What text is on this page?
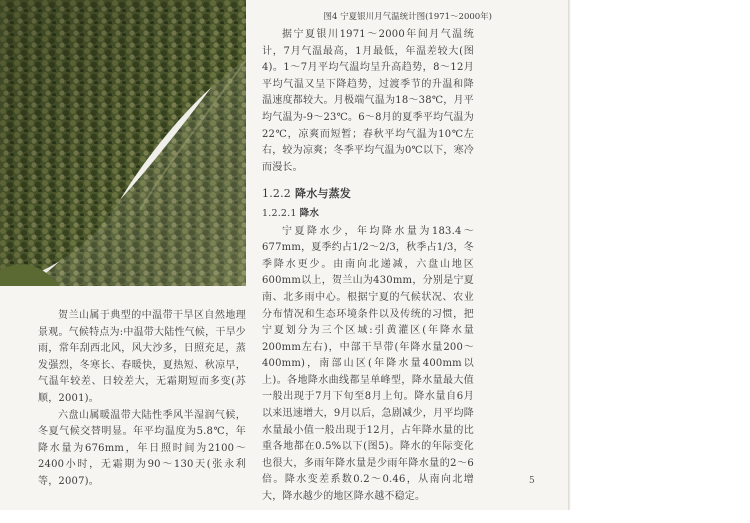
图4 宁夏银川月气温统计图(1971～2000年)

贺兰山属于典型的中温带干旱区自然地理景观。气候特点为:中温带大陆性气候，干旱少雨，常年刮西北风，风大沙多，日照充足，蒸发强烈，冬寒长、春暖快，夏热短、秋凉早，气温年较差、日较差大，无霜期短而多变(苏顺，2001)。

六盘山属暖温带大陆性季风半湿润气候，冬夏气候交替明显。年平均温度为5.8℃，年降水量为676mm，年日照时间为2100～2400小时，无霜期为90～130天(张永利 等，2007)。

据宁夏银川1971～2000年间月气温统计，7月气温最高，1月最低，年温差较大(图4)。1～7月平均气温均呈升高趋势，8～12月平均气温又呈下降趋势，过渡季节的升温和降温速度都较大。月极端气温为18～38℃，月平均气温为-9～23℃。6～8月的夏季平均气温为22℃，凉爽而短暂；春秋平均气温为10℃左右，较为凉爽；冬季平均气温为0℃以下，寒冷而漫长。

1.2.2 降水与蒸发
1.2.2.1 降水

宁夏降水少，年均降水量为183.4～677mm，夏季约占1/2～2/3，秋季占1/3，冬季降水更少。由南向北递减，六盘山地区600mm以上，贺兰山为430mm，分别是宁夏南、北多雨中心。根据宁夏的气候状况、农业分布情况和生态环境条件以及传统的习惯，把宁夏划分为三个区域:引黄灌区(年降水量200mm左右)，中部干旱带(年降水量200～400mm)，南部山区(年降水量400mm以上)。各地降水曲线都呈单峰型，降水量最大值一般出现于7月下旬至8月上旬。降水量自6月以来迅速增大，9月以后，急剧减少，月平均降水量最小值一般出现于12月，占年降水量的比重各地都在0.5%以下(图5)。降水的年际变化也很大，多雨年降水量是少雨年降水量的2～6倍。降水变差系数0.2～0.46，从南向北增大，降水越少的地区降水越不稳定。

5
